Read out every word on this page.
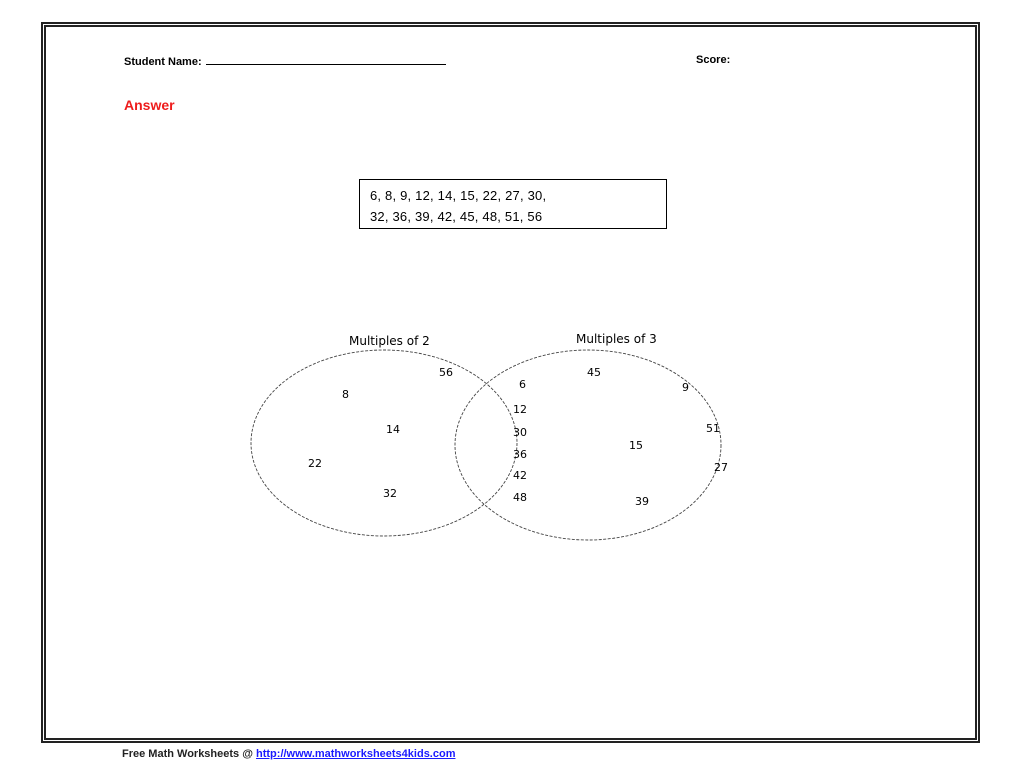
Student Name:	Score:
Answer
6, 8, 9, 12, 14, 15, 22, 27, 30,
32, 36, 39, 42, 45, 48, 51, 56
Multiples of 2	Multiples of 3
56
8
14
22
32
6
12
30
36
42
48
45
9
51
15
27
39
Free Math Worksheets @ http://www.mathworksheets4kids.com
